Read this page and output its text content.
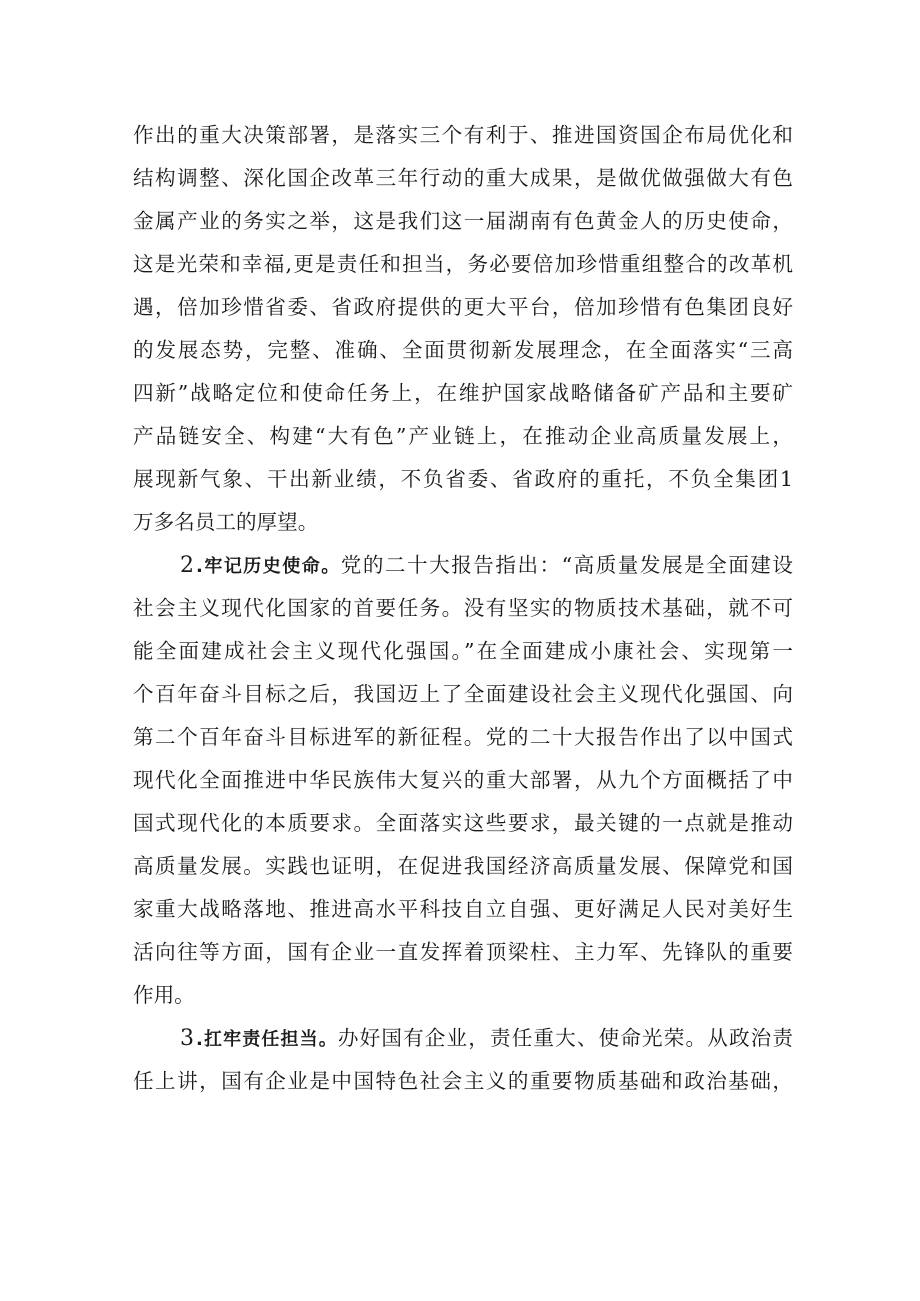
作出的重大决策部署，是落实三个有利于、推进国资国企布局优化和
结构调整、深化国企改革三年行动的重大成果，是做优做强做大有色
金属产业的务实之举，这是我们这一届湖南有色黄金人的历史使命，
这是光荣和幸福,更是责任和担当，务必要倍加珍惜重组整合的改革机
遇，倍加珍惜省委、省政府提供的更大平台，倍加珍惜有色集团良好
的发展态势，完整、准确、全面贯彻新发展理念，在全面落实“三高
四新”战略定位和使命任务上，在维护国家战略储备矿产品和主要矿
产品链安全、构建“大有色”产业链上，在推动企业高质量发展上，
展现新气象、干出新业绩，不负省委、省政府的重托，不负全集团1
万多名员工的厚望。
2 .牢记历史使命。党的二十大报告指出：“高质量发展是全面建设
社会主义现代化国家的首要任务。没有坚实的物质技术基础，就不可
能全面建成社会主义现代化强国。”在全面建成小康社会、实现第一
个百年奋斗目标之后，我国迈上了全面建设社会主义现代化强国、向
第二个百年奋斗目标进军的新征程。党的二十大报告作出了以中国式
现代化全面推进中华民族伟大复兴的重大部署，从九个方面概括了中
国式现代化的本质要求。全面落实这些要求，最关键的一点就是推动
高质量发展。实践也证明，在促进我国经济高质量发展、保障党和国
家重大战略落地、推进高水平科技自立自强、更好满足人民对美好生
活向往等方面，国有企业一直发挥着顶梁柱、主力军、先锋队的重要
作用。
3 .扛牢责任担当。办好国有企业，责任重大、使命光荣。从政治责
任上讲，国有企业是中国特色社会主义的重要物质基础和政治基础，
